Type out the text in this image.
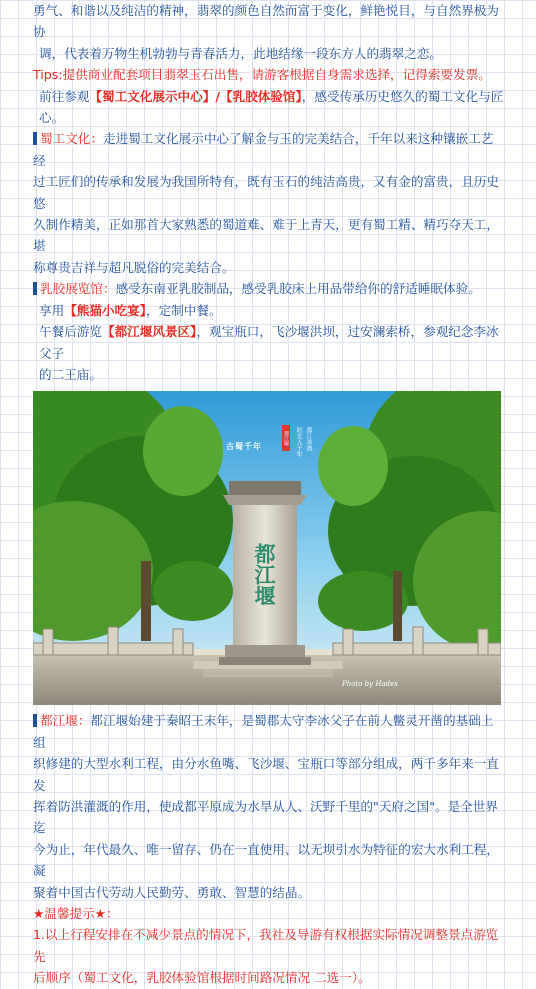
勇气、和谐以及纯洁的精神，翡翠的颜色自然而富于变化，鲜艳悦目，与自然界极为协

调，代表着万物生机勃勃与青春活力，此地结缘一段东方人的翡翠之恋。

Tips:提供商业配套项目翡翠玉石出售，请游客根据自身需求选择，记得索要发票。

前往参观【蜀工文化展示中心】/【乳胶体验馆】，感受传承历史悠久的蜀工文化与匠心。

蜀工文化：走进蜀工文化展示中心了解金与玉的完美结合，千年以来这种镶嵌工艺经

过工匠们的传承和发展为我国所特有，既有玉石的纯洁高贵，又有金的富贵，且历史悠

久制作精美，正如那首大家熟悉的蜀道难、难于上青天，更有蜀工精、精巧夺天工，堪

称尊贵吉祥与超凡脱俗的完美结合。

乳胶展览馆：感受东南亚乳胶制品，感受乳胶床上用品带给你的舒适睡眠体验。

享用【熊猫小吃宴】，定制中餐。

午餐后游览【都江堰风景区】，观宝瓶口，飞沙堰洪坝，过安澜索桥，参观纪念李冰父子

的二王庙。

都江堰
古蜀千年
都江堰	都江奔流
时光入千年
Photo by Hades

都江堰：都江堰始建于秦昭王末年，是蜀郡太守李冰父子在前人鳖灵开凿的基础上组

织修建的大型水利工程，由分水鱼嘴、飞沙堰、宝瓶口等部分组成，两千多年来一直发

挥着防洪灌溉的作用，使成都平原成为水旱从人、沃野千里的"天府之国"。是全世界迄

今为止，年代最久、唯一留存、仍在一直使用、以无坝引水为特征的宏大水利工程，凝

聚着中国古代劳动人民勤劳、勇敢、智慧的结晶。

★温馨提示★：

1.以上行程安排在不减少景点的情况下，我社及导游有权根据实际情况调整景点游览先

后顺序（蜀工文化，乳胶体验馆根据时间路况情况 二选一）。
